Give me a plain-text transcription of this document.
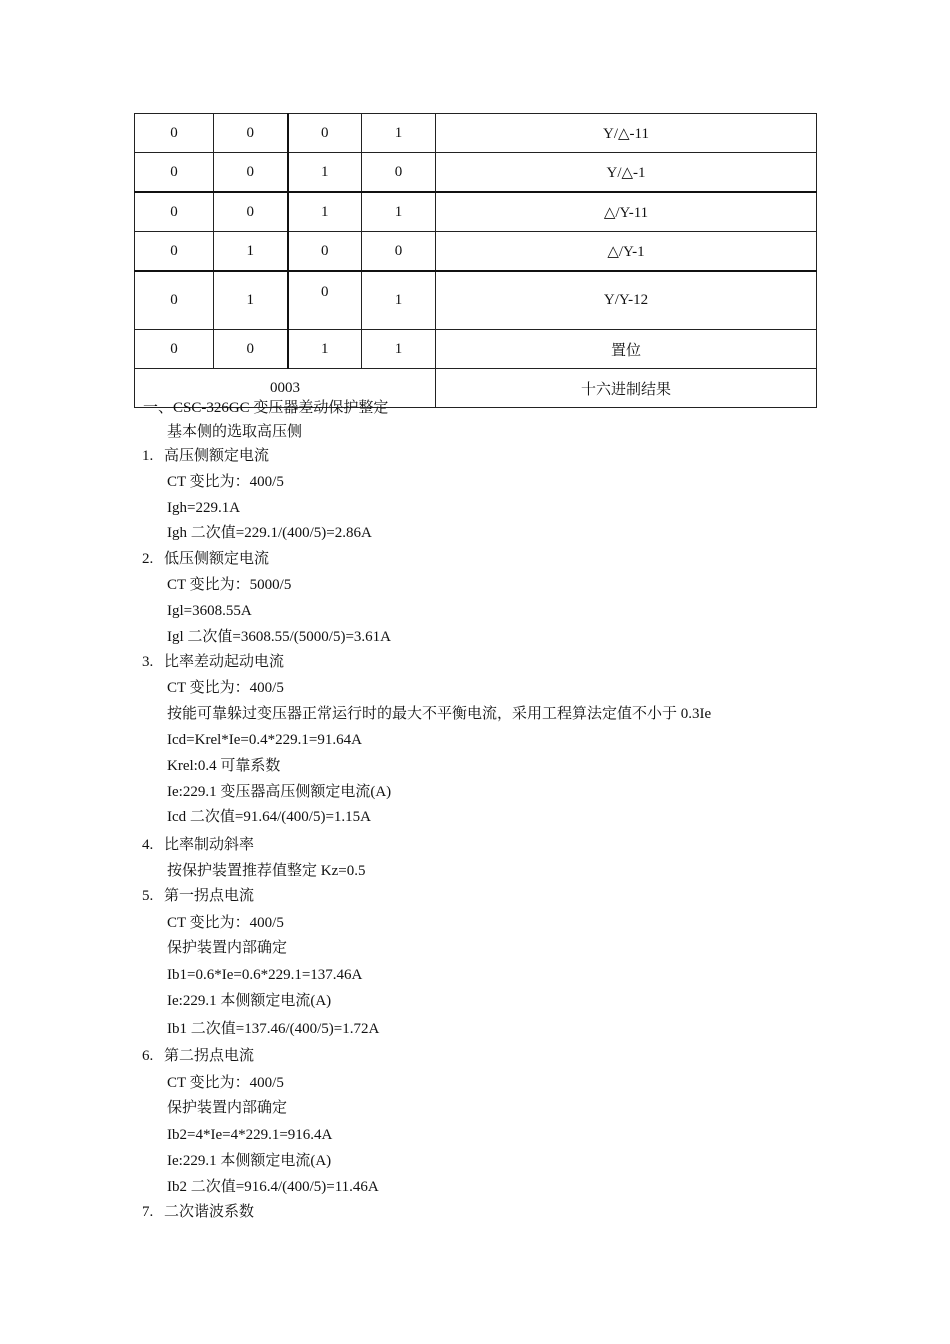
0	0	0	1	Y/△-11
0	0	1	0	Y/△-1
0	0	1	1	△/Y-11
0	1	0	0	△/Y-1
0	1	0	1	Y/Y-12
0	0	1	1	置位
0003				十六进制结果
一、CSC-326GC 变压器差动保护整定
基本侧的选取高压侧
1. 高压侧额定电流
CT 变比为：400/5
Igh=229.1A
Igh 二次值=229.1/(400/5)=2.86A
2. 低压侧额定电流
CT 变比为：5000/5
Igl=3608.55A
Igl 二次值=3608.55/(5000/5)=3.61A
3. 比率差动起动电流
CT 变比为：400/5
按能可靠躲过变压器正常运行时的最大不平衡电流，采用工程算法定值不小于 0.3Ie
Icd=Krel*Ie=0.4*229.1=91.64A
Krel:0.4 可靠系数
Ie:229.1 变压器高压侧额定电流(A)
Icd 二次值=91.64/(400/5)=1.15A
4. 比率制动斜率
按保护装置推荐值整定 Kz=0.5
5. 第一拐点电流
CT 变比为：400/5
保护装置内部确定
Ib1=0.6*Ie=0.6*229.1=137.46A
Ie:229.1 本侧额定电流(A)
Ib1 二次值=137.46/(400/5)=1.72A
6. 第二拐点电流
CT 变比为：400/5
保护装置内部确定
Ib2=4*Ie=4*229.1=916.4A
Ie:229.1 本侧额定电流(A)
Ib2 二次值=916.4/(400/5)=11.46A
7. 二次谐波系数
